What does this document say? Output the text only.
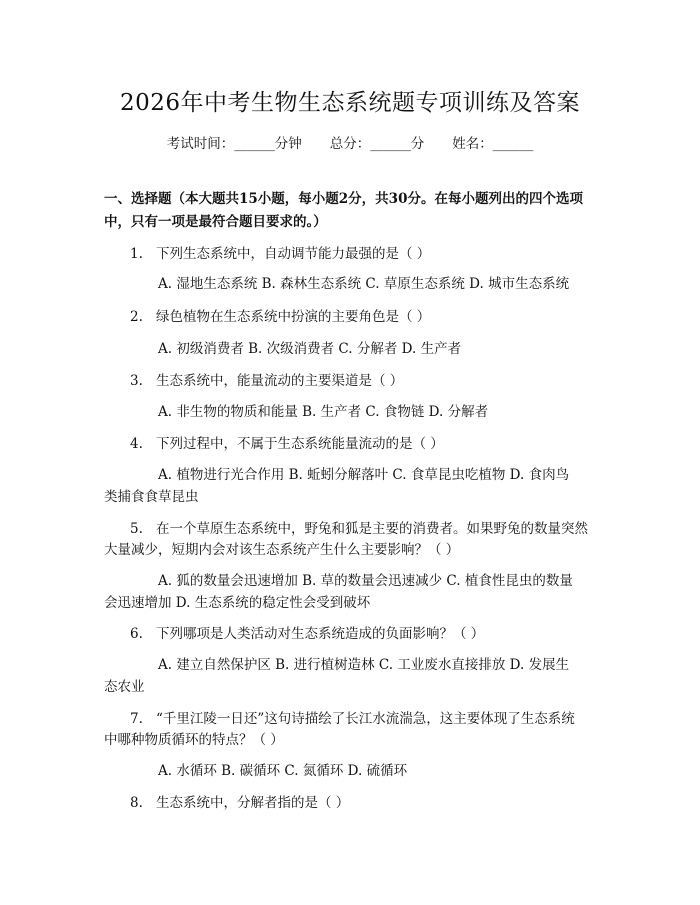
2026年中考生物生态系统题专项训练及答案
考试时间：______分钟 总分：______分 姓名：______
一、选择题（本大题共15小题，每小题2分，共30分。在每小题列出的四个选项中，只有一项是最符合题目要求的。）
1. 下列生态系统中，自动调节能力最强的是（ ）
A. 湿地生态系统 B. 森林生态系统 C. 草原生态系统 D. 城市生态系统
2. 绿色植物在生态系统中扮演的主要角色是（ ）
A. 初级消费者 B. 次级消费者 C. 分解者 D. 生产者
3. 生态系统中，能量流动的主要渠道是（ ）
A. 非生物的物质和能量 B. 生产者 C. 食物链 D. 分解者
4. 下列过程中，不属于生态系统能量流动的是（ ）
A. 植物进行光合作用 B. 蚯蚓分解落叶 C. 食草昆虫吃植物 D. 食肉鸟
类捕食食草昆虫
5. 在一个草原生态系统中，野兔和狐是主要的消费者。如果野兔的数量突然
大量减少，短期内会对该生态系统产生什么主要影响？（ ）
A. 狐的数量会迅速增加 B. 草的数量会迅速减少 C. 植食性昆虫的数量
会迅速增加 D. 生态系统的稳定性会受到破坏
6. 下列哪项是人类活动对生态系统造成的负面影响？（ ）
A. 建立自然保护区 B. 进行植树造林 C. 工业废水直接排放 D. 发展生
态农业
7. “千里江陵一日还”这句诗描绘了长江水流湍急，这主要体现了生态系统
中哪种物质循环的特点？（ ）
A. 水循环 B. 碳循环 C. 氮循环 D. 硫循环
8. 生态系统中，分解者指的是（ ）
